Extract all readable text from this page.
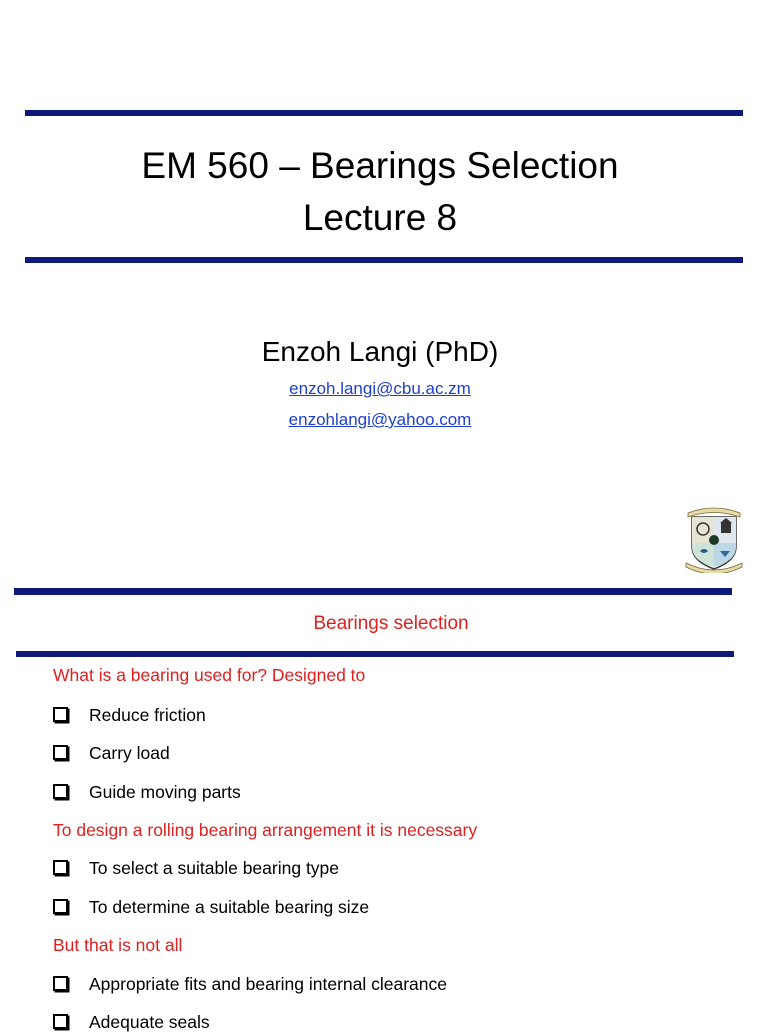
EM 560 – Bearings Selection
Lecture 8
Enzoh Langi (PhD)
enzoh.langi@cbu.ac.zm
enzohlangi@yahoo.com
Bearings selection
What is a bearing used for? Designed to
Reduce friction
Carry load
Guide moving parts
To design a rolling bearing arrangement it is necessary
To select a suitable bearing type
To determine a suitable bearing size
But that is not all
Appropriate fits and bearing internal clearance
Adequate seals
